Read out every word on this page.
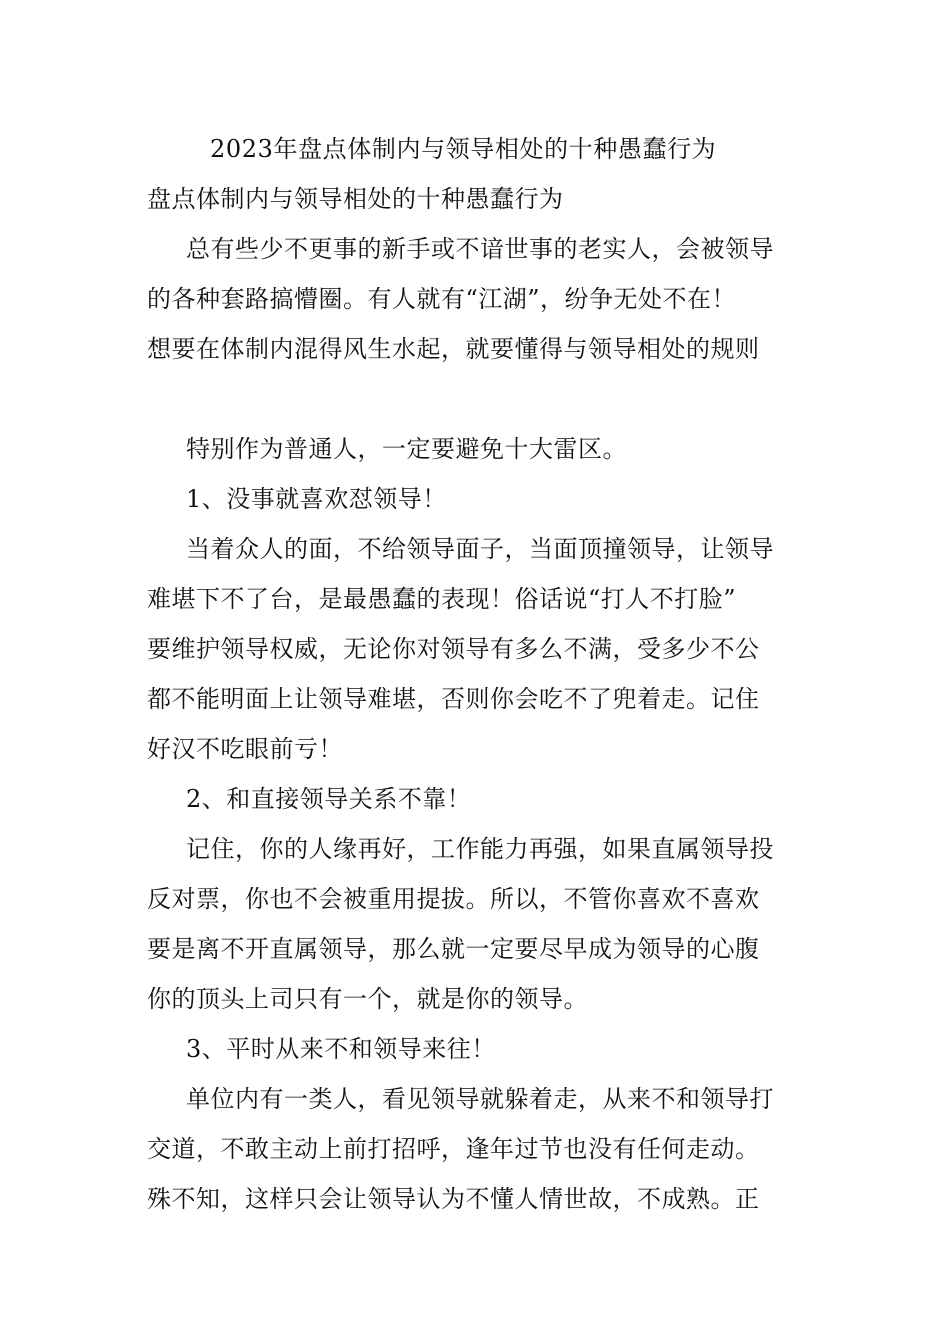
2023年盘点体制内与领导相处的十种愚蠢行为
盘点体制内与领导相处的十种愚蠢行为
总有些少不更事的新手或不谙世事的老实人，会被领导
的各种套路搞懵圈。有人就有“江湖”，纷争无处不在！
想要在体制内混得风生水起，就要懂得与领导相处的规则
特别作为普通人，一定要避免十大雷区。
1、没事就喜欢怼领导！
当着众人的面，不给领导面子，当面顶撞领导，让领导
难堪下不了台，是最愚蠢的表现！俗话说“打人不打脸”
要维护领导权威，无论你对领导有多么不满，受多少不公
都不能明面上让领导难堪，否则你会吃不了兜着走。记住
好汉不吃眼前亏！
2、和直接领导关系不靠！
记住，你的人缘再好，工作能力再强，如果直属领导投
反对票，你也不会被重用提拔。所以，不管你喜欢不喜欢
要是离不开直属领导，那么就一定要尽早成为领导的心腹
你的顶头上司只有一个，就是你的领导。
3、平时从来不和领导来往！
单位内有一类人，看见领导就躲着走，从来不和领导打
交道，不敢主动上前打招呼，逢年过节也没有任何走动。
殊不知，这样只会让领导认为不懂人情世故，不成熟。正
